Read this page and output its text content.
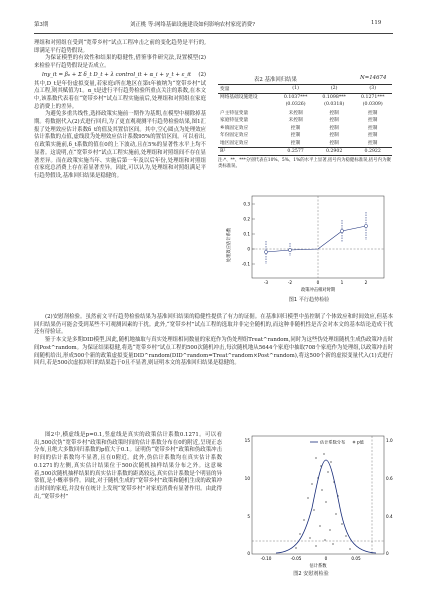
第3期	刘正桃 等:网络基础设施建设如何影响农村家庭消费?	119

理组和对照组在受到“宽带乡村”试点工程冲击之前的变化趋势是平行的,即满足平行趋势假设。

为保证模型的有效性和结果的稳健性,借鉴事件研究法,设置模型(2)来检验平行趋势假设是否成立。

lny_it = β₀ + Σ δ_t D_t + λ control_it + α_i + γ_t + ε_it (2)

其中,D_t是年份虚拟变量,若家庭i所在地区在第t年被纳为“宽带乡村”试点工程,则其赋值为1。α_t是进行平行趋势检验所重点关注的系数,在本文中,该系数代表着在“宽带乡村”试点工程实施前后,处理组和对照组在家庭总消费上的差异。

为避免多重共线性,选择政策实施前一期作为基期,在模型中剔除掉基期。将数据代入(2)式进行回归,为了更直观观测平行趋势检验结果,图1汇报了处理效应估计系数δ_t的值及其置信区间。其中,空心圆点为处理效应估计系数的点值,虚线段为处理效应估计系数95%的置信区间。可以看出,在政策实施前,δ_t系数的值在0的上下波动,且在5%的显著性水平上均不显著。这说明,在“宽带乡村”试点工程实施前,处理组和对照组间不存在显著差异。而在政策实施当年、实施后第一年及以后年份,处理组和对照组在家庭总消费上存在着显著差异。因此,可以认为,处理组和对照组满足平行趋势假设,基准回归结果是稳健的。

表2 基准回归结果	N=14674
变量	(1)	(2)	(3)
网络基础设施建设	0.1037***	0.1098***	0.1271***
	(0.0326)	(0.0318)	(0.0309)
户主特征变量	未控制	控制	控制
家庭特征变量	未控制	控制	控制
乡镇固定效应	控制	控制	控制
年份固定效应	控制	控制	控制
地区固定效应	控制	控制	控制
R²	0.2577	0.2902	0.2922
注:*、**、***分别代表在10%、5%、1%的水平上显著,括号内为稳健标准误,括号内为聚类标准误。
处理效应估计系数
0.3
0.2
0.1
0
-0.1
-3	-2	0	1	2
政策冲击相对时期
图1 平行趋势检验

(2)安慰剂检验。虽然前文平行趋势检验结果为基准回归结果的稳健性提供了有力的证据。在基准回归模型中虽控制了个体效应和时间效应,但基本回归结果仍可能会受到某些不可观测因素的干扰。此外,“宽带乡村”试点工程的选取并非完全随机的,而这种非随机性是否会对本文的基本结论造成干扰还有待验证。

鉴于本文是多期DID模型,因此,随机地抽取与真实处理组相同数量的家庭作为伪处理组Treat^random,同时为这些伪处理组随机生成伪政策冲击时间Post^random。为保证结果稳健,将选“宽带乡村”试点工程的500次随机冲击,每次随机地从5644个家庭中抽取708个家庭作为处理组,以政策冲击时间随机给出,形成500个新的政策虚拟变量DID^random(DID^random=Treat^random×Post^random),将这500个新的虚拟变量代入(1)式进行回归,若是500次虚拟回归的结果趋于0且不显著,则证明本文的基准回归结果是稳健的。

图2中,横虚线是p=0.1,竖虚线是真实的政策估计系数0.1271。可以看出,500次伪“宽带乡村”政策和伪政策时间的估计系数分布在0的附近,呈现正态分布,且绝大多数回归系数的p值大于0.1。证明伪“宽带乡村”政策和伪政策冲击时间的估计系数均不显著,且在0附近。此外,伪估计系数均在真实估计系数0.1271的左侧,真实估计结果位于500次随机抽样结果分布之外。这意味着,500次随机抽样结果的真实估计系数的距离较远,真实估计系数是个明显的异常值,是小概率事件。因此,对于随机生成的“宽带乡村”政策和随机生成的政策冲击时间的家庭,并没有在统计上发现“宽带乡村”对家庭消费有显著作用。由此得出,“宽带乡村”

15
10
5
0
1.0
0.6
0.4
0
估计系数分布	p值
-0.10	-0.05	0	0.05
估计系数
图2 安慰剂检验
